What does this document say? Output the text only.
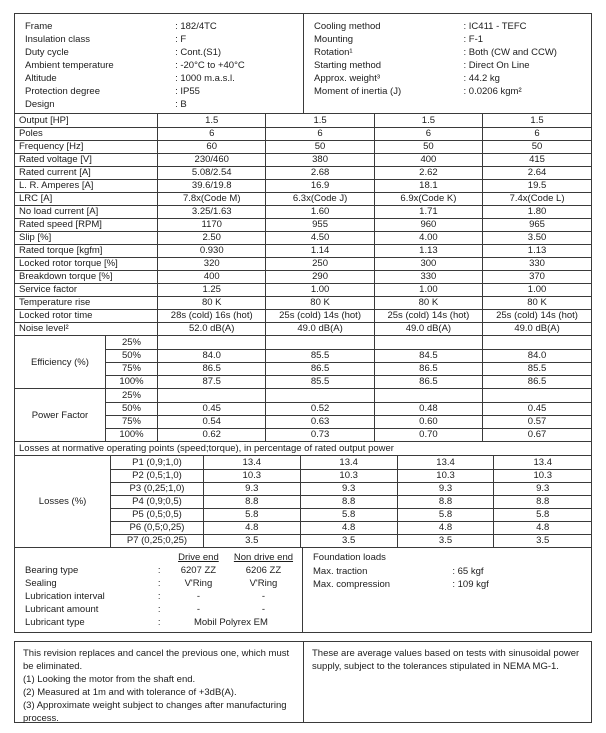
Frame	: 182/4TC
Insulation class	: F
Duty cycle	: Cont.(S1)
Ambient temperature	: -20°C to +40°C
Altitude	: 1000 m.a.s.l.
Protection degree	: IP55
Design	: B
Cooling method	: IC411 - TEFC
Mounting	: F-1
Rotation¹	: Both (CW and CCW)
Starting method	: Direct On Line
Approx. weight³	: 44.2 kg
Moment of inertia (J)	: 0.0206 kgm²
Output [HP]	1.5	1.5	1.5	1.5
Poles	6	6	6	6
Frequency [Hz]	60	50	50	50
Rated voltage [V]	230/460	380	400	415
Rated current [A]	5.08/2.54	2.68	2.62	2.64
L. R. Amperes [A]	39.6/19.8	16.9	18.1	19.5
LRC [A]	7.8x(Code M)	6.3x(Code J)	6.9x(Code K)	7.4x(Code L)
No load current [A]	3.25/1.63	1.60	1.71	1.80
Rated speed [RPM]	1170	955	960	965
Slip [%]	2.50	4.50	4.00	3.50
Rated torque [kgfm]	0.930	1.14	1.13	1.13
Locked rotor torque [%]	320	250	300	330
Breakdown torque [%]	400	290	330	370
Service factor	1.25	1.00	1.00	1.00
Temperature rise	80 K	80 K	80 K	80 K
Locked rotor time	28s (cold) 16s (hot)	25s (cold) 14s (hot)	25s (cold) 14s (hot)	25s (cold) 14s (hot)
Noise level²	52.0 dB(A)	49.0 dB(A)	49.0 dB(A)	49.0 dB(A)
Efficiency (%)	25%				
	50%	84.0	85.5	84.5	84.0
	75%	86.5	86.5	86.5	85.5
	100%	87.5	85.5	86.5	86.5
Power Factor	25%				
	50%	0.45	0.52	0.48	0.45
	75%	0.54	0.63	0.60	0.57
	100%	0.62	0.73	0.70	0.67
Losses at normative operating points (speed;torque), in percentage of rated output power
Losses (%)	P1 (0,9;1,0)	13.4	13.4	13.4	13.4
	P2 (0,5;1,0)	10.3	10.3	10.3	10.3
	P3 (0,25;1,0)	9.3	9.3	9.3	9.3
	P4 (0,9;0,5)	8.8	8.8	8.8	8.8
	P5 (0,5;0,5)	5.8	5.8	5.8	5.8
	P6 (0,5;0,25)	4.8	4.8	4.8	4.8
	P7 (0,25;0,25)	3.5	3.5	3.5	3.5
Drive end	Non drive end
Bearing type	:	6207 ZZ	6206 ZZ
Sealing	:	V'Ring	V'Ring
Lubrication interval	:	-	-
Lubricant amount	:	-	-
Lubricant type	:	Mobil Polyrex EM
Foundation loads
Max. traction	: 65 kgf
Max. compression	: 109 kgf

This revision replaces and cancel the previous one, which must be eliminated.

(1) Looking the motor from the shaft end.

(2) Measured at 1m and with tolerance of +3dB(A).

(3) Approximate weight subject to changes after manufacturing process.

These are average values based on tests with sinusoidal power supply, subject to the tolerances stipulated in NEMA MG-1.
